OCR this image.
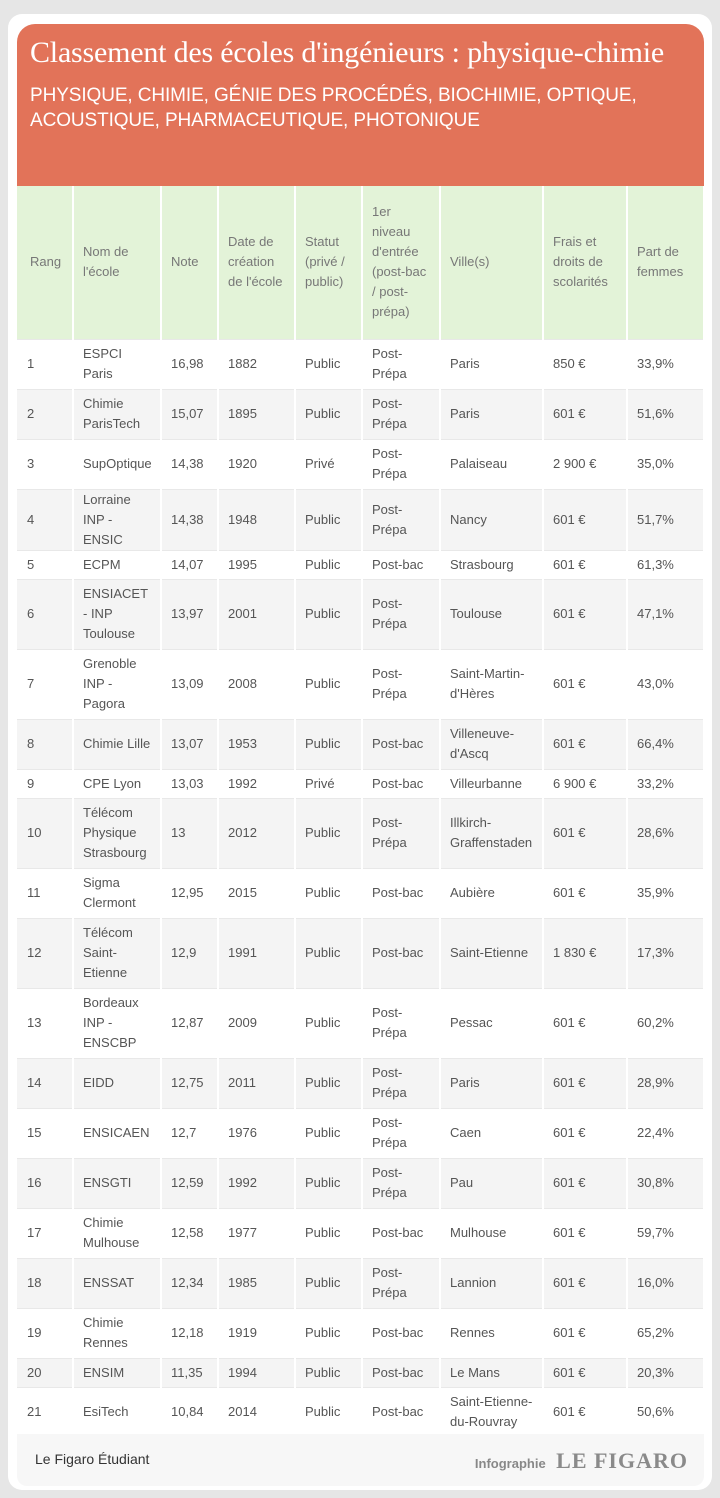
Classement des écoles d'ingénieurs : physique-chimie
PHYSIQUE, CHIMIE, GÉNIE DES PROCÉDÉS, BIOCHIMIE, OPTIQUE, ACOUSTIQUE, PHARMACEUTIQUE, PHOTONIQUE
Rang	Nom de l'école	Note	Date de création de l'école	Statut (privé / public)	1er niveau d'entrée (post-bac / post-prépa)	Ville(s)	Frais et droits de scolarités	Part de femmes
1	ESPCI Paris	16,98	1882	Public	Post-Prépa	Paris	850 €	33,9%
2	Chimie ParisTech	15,07	1895	Public	Post-Prépa	Paris	601 €	51,6%
3	SupOptique	14,38	1920	Privé	Post-Prépa	Palaiseau	2 900 €	35,0%
4	Lorraine INP - ENSIC	14,38	1948	Public	Post-Prépa	Nancy	601 €	51,7%
5	ECPM	14,07	1995	Public	Post-bac	Strasbourg	601 €	61,3%
6	ENSIACET - INP Toulouse	13,97	2001	Public	Post-Prépa	Toulouse	601 €	47,1%
7	Grenoble INP - Pagora	13,09	2008	Public	Post-Prépa	Saint-Martin-d'Hères	601 €	43,0%
8	Chimie Lille	13,07	1953	Public	Post-bac	Villeneuve-d'Ascq	601 €	66,4%
9	CPE Lyon	13,03	1992	Privé	Post-bac	Villeurbanne	6 900 €	33,2%
10	Télécom Physique Strasbourg	13	2012	Public	Post-Prépa	Illkirch-Graffenstaden	601 €	28,6%
11	Sigma Clermont	12,95	2015	Public	Post-bac	Aubière	601 €	35,9%
12	Télécom Saint-Etienne	12,9	1991	Public	Post-bac	Saint-Etienne	1 830 €	17,3%
13	Bordeaux INP - ENSCBP	12,87	2009	Public	Post-Prépa	Pessac	601 €	60,2%
14	EIDD	12,75	2011	Public	Post-Prépa	Paris	601 €	28,9%
15	ENSICAEN	12,7	1976	Public	Post-Prépa	Caen	601 €	22,4%
16	ENSGTI	12,59	1992	Public	Post-Prépa	Pau	601 €	30,8%
17	Chimie Mulhouse	12,58	1977	Public	Post-bac	Mulhouse	601 €	59,7%
18	ENSSAT	12,34	1985	Public	Post-Prépa	Lannion	601 €	16,0%
19	Chimie Rennes	12,18	1919	Public	Post-bac	Rennes	601 €	65,2%
20	ENSIM	11,35	1994	Public	Post-bac	Le Mans	601 €	20,3%
21	EsiTech	10,84	2014	Public	Post-bac	Saint-Etienne-du-Rouvray	601 €	50,6%
Le Figaro Étudiant	Infographie LE FIGARO
